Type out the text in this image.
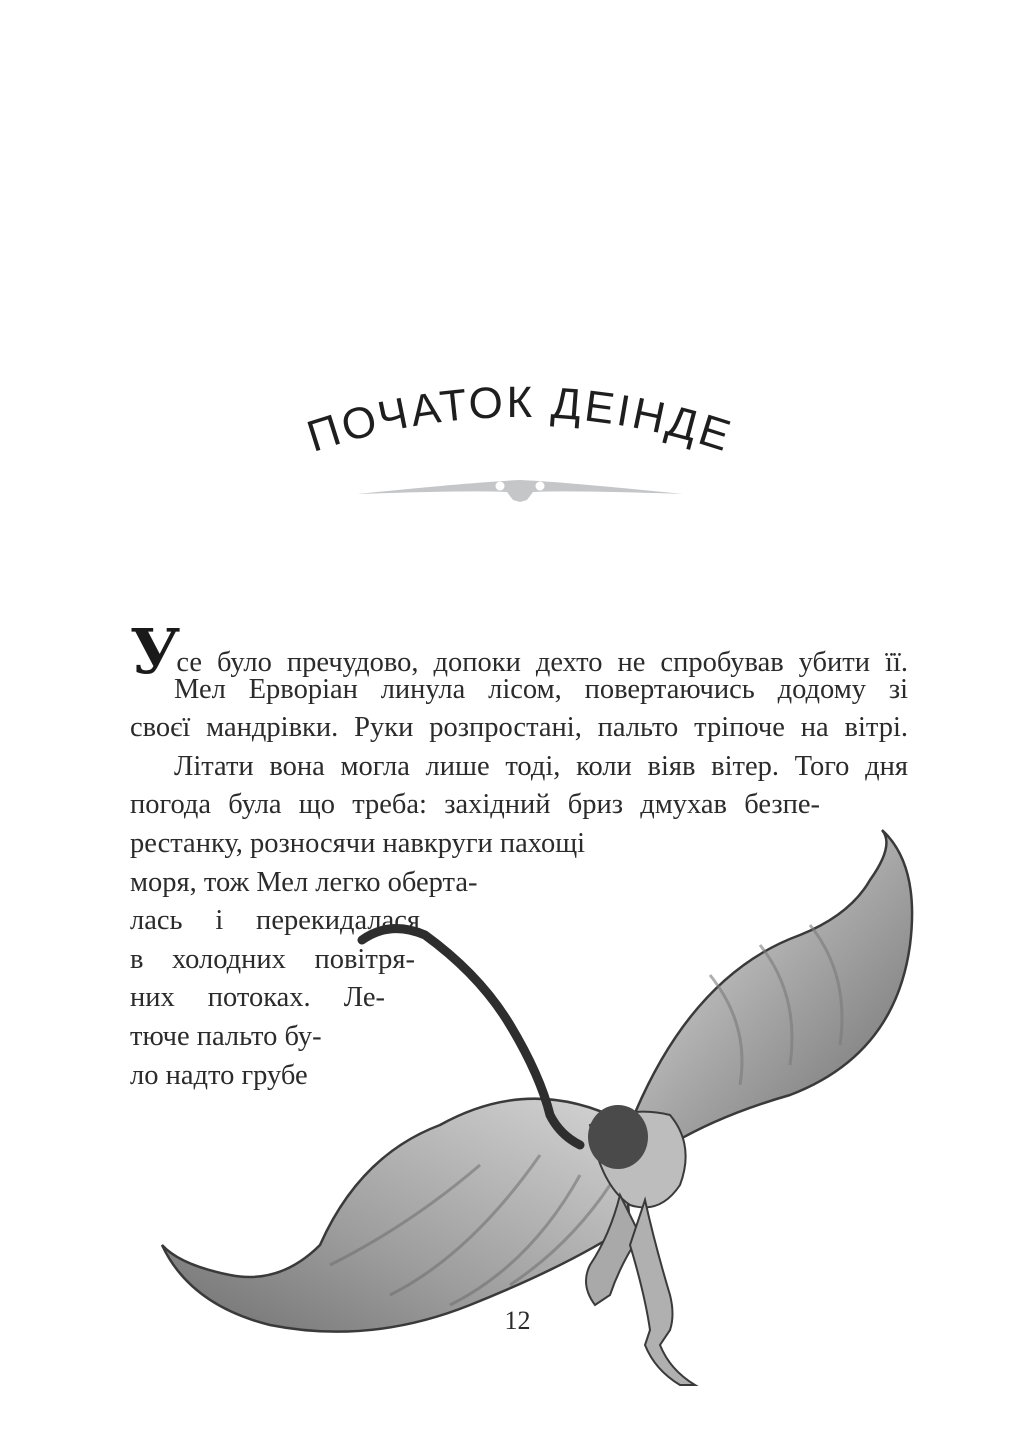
ПОЧАТОК ДЕІНДЕ
Усе було пречудово, допоки дехто не спробував убити її.
Мел Ерворіан линула лісом, повертаючись додому зі
своєї мандрівки. Руки розпростані, пальто тріпоче на вітрі.
Літати вона могла лише тоді, коли віяв вітер. Того дня
погода була що треба: західний бриз дмухав безпе-
рестанку, розносячи навкруги пахощі
моря, тож Мел легко оберта-
лась і перекидалася
в холодних повітря-
них потоках. Ле-
тюче пальто бу-
ло надто грубе
12
